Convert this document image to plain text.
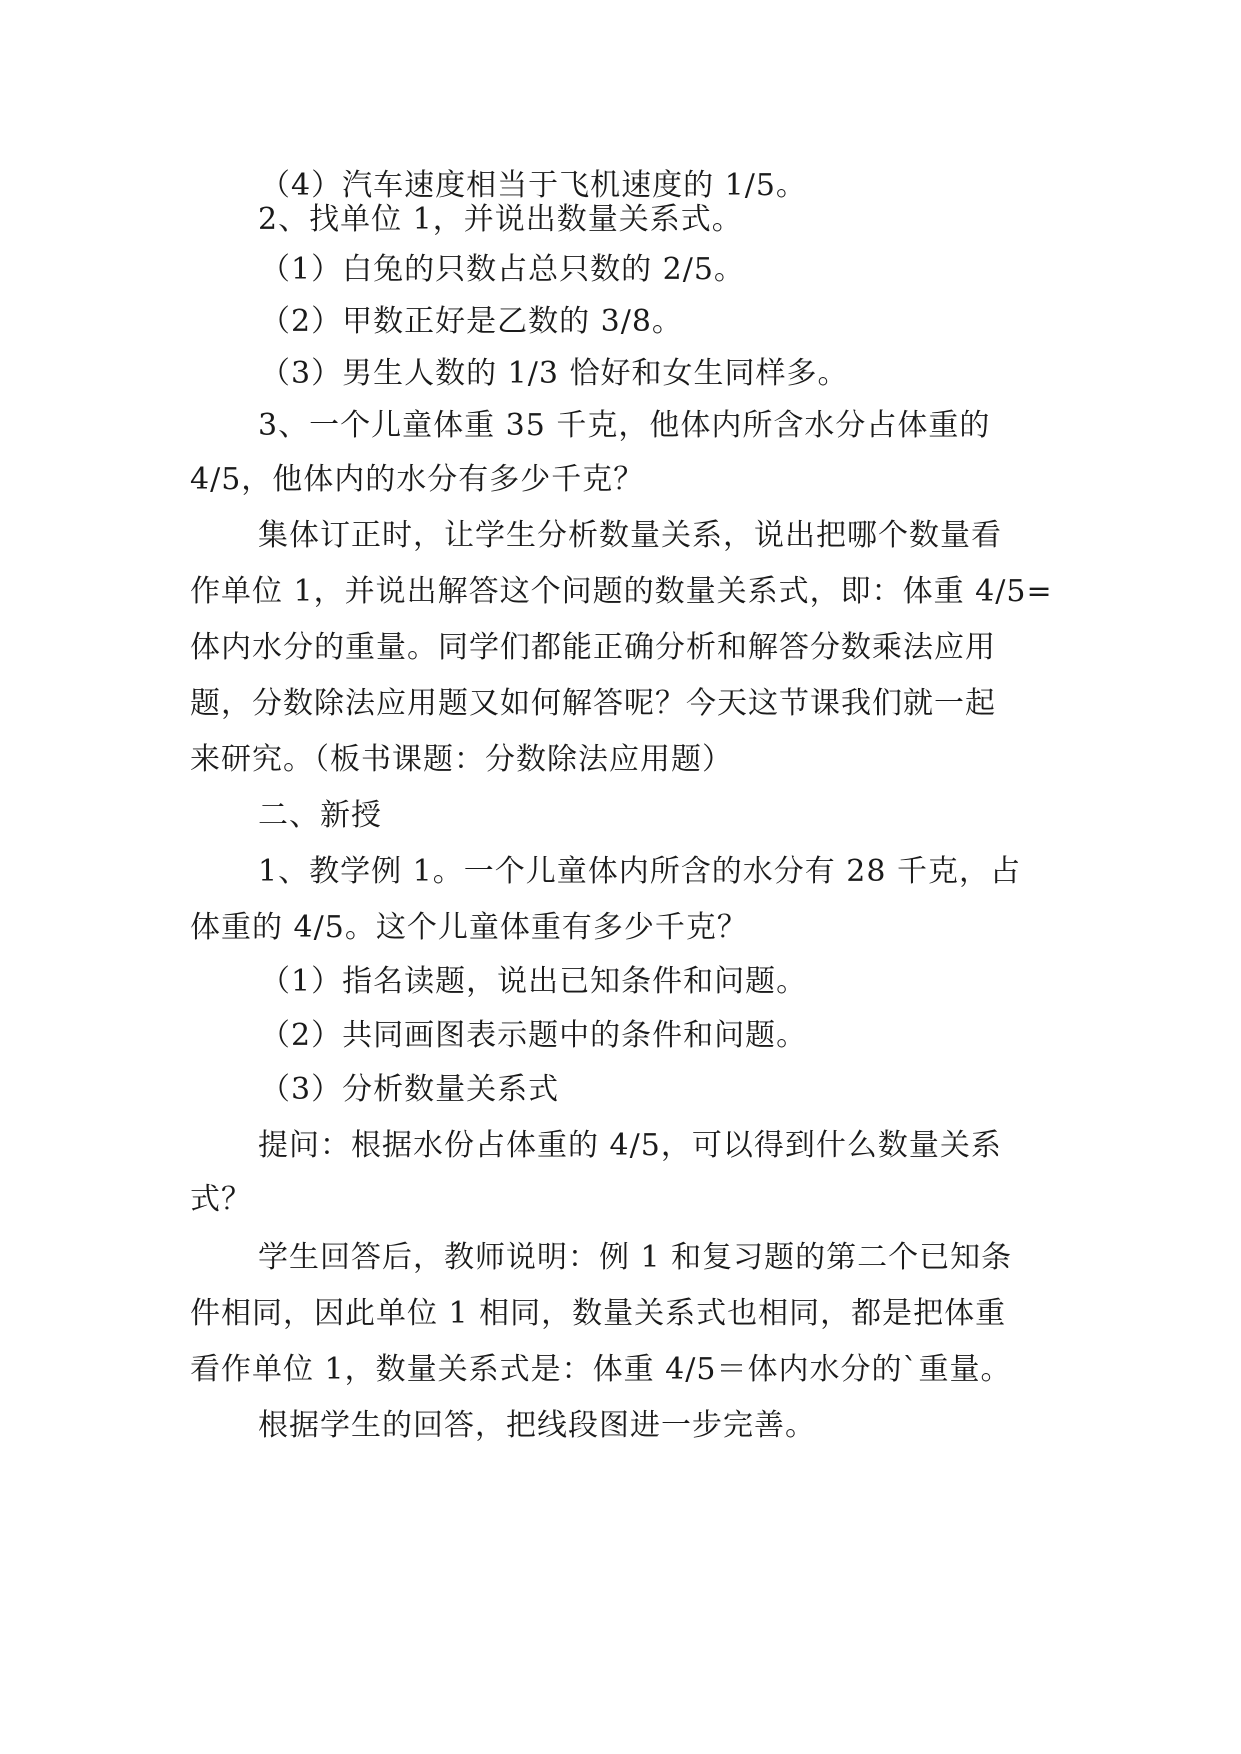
（4）汽车速度相当于飞机速度的 1/5。
2、找单位 1，并说出数量关系式。
（1）白兔的只数占总只数的 2/5。
（2）甲数正好是乙数的 3/8。
（3）男生人数的 1/3 恰好和女生同样多。
3、一个儿童体重 35 千克，他体内所含水分占体重的
4/5，他体内的水分有多少千克？
集体订正时，让学生分析数量关系，说出把哪个数量看
作单位 1，并说出解答这个问题的数量关系式，即：体重 4/5=
体内水分的重量。同学们都能正确分析和解答分数乘法应用
题，分数除法应用题又如何解答呢？今天这节课我们就一起
来研究。（板书课题：分数除法应用题）
二、新授
1、教学例 1。一个儿童体内所含的水分有 28 千克，占
体重的 4/5。这个儿童体重有多少千克？
（1）指名读题，说出已知条件和问题。
（2）共同画图表示题中的条件和问题。
（3）分析数量关系式
提问：根据水份占体重的 4/5，可以得到什么数量关系
式？
学生回答后，教师说明：例 1 和复习题的第二个已知条
件相同，因此单位 1 相同，数量关系式也相同，都是把体重
看作单位 1，数量关系式是：体重 4/5＝体内水分的`重量。
根据学生的回答，把线段图进一步完善。
